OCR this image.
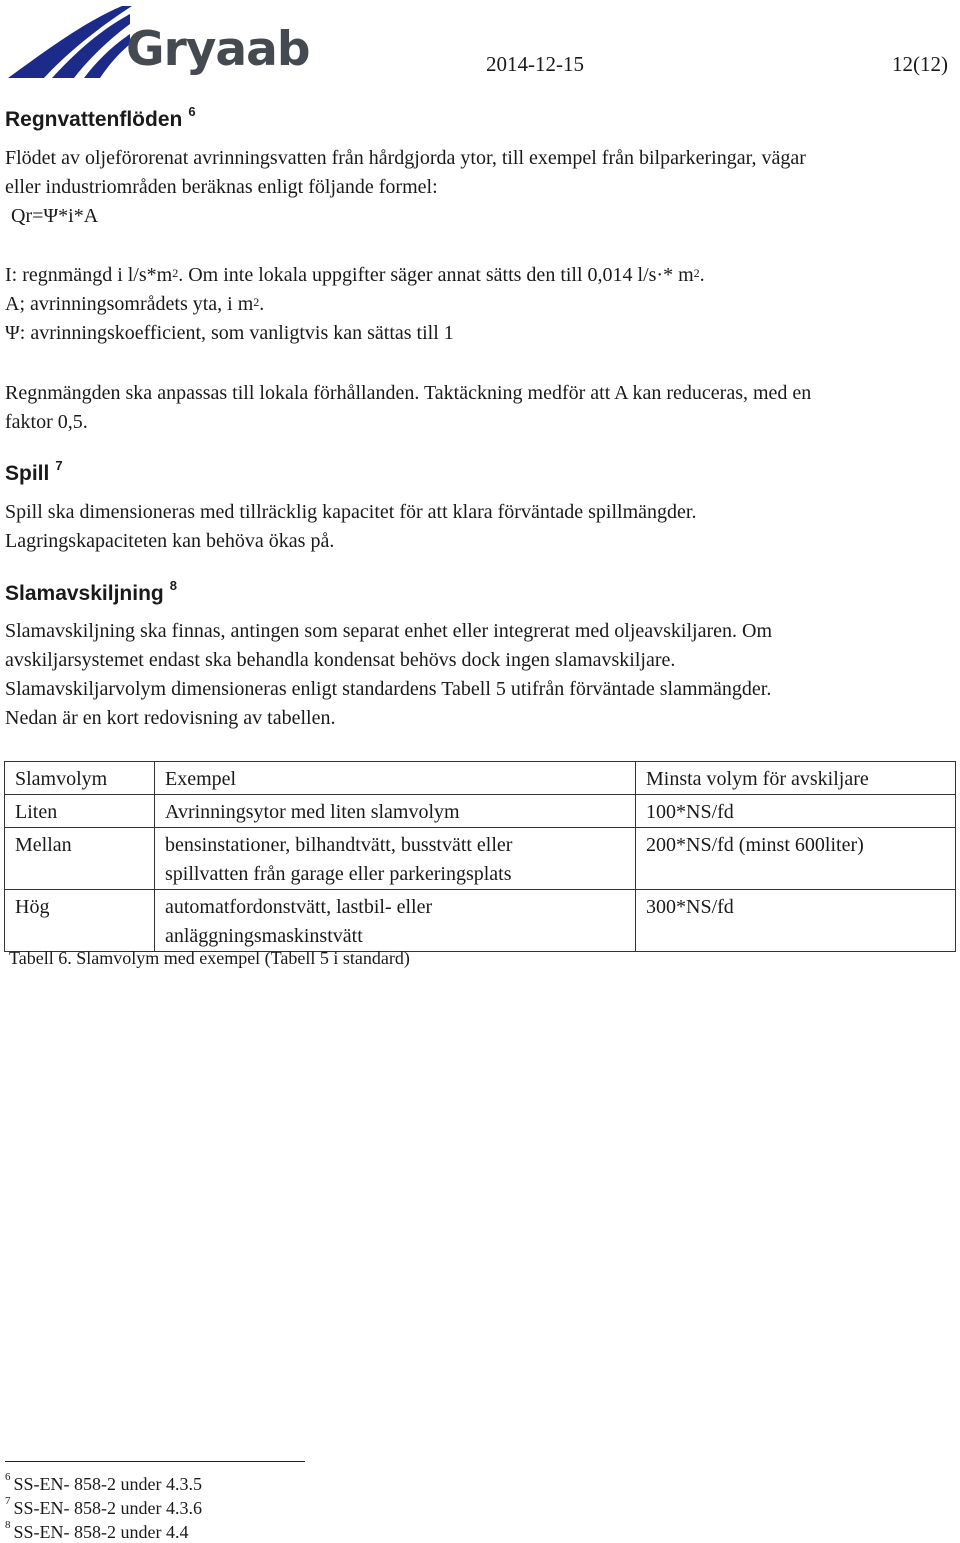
Gryaab	2014-12-15	12(12)
Regnvattenflöden $^6$
Flödet av oljeförorenat avrinningsvatten från hårdgjorda ytor, till exempel från bilparkeringar, vägar
eller industriområden beräknas enligt följande formel:
Qr=Ψ*i*A
I: regnmängd i $l/s*m^2$. Om inte lokala uppgifter säger annat sätts den till 0,014 l/s·* $m^2$.
A; avrinningsområdets yta, i $m^2$.
Ψ: avrinningskoefficient, som vanligtvis kan sättas till 1
Regnmängden ska anpassas till lokala förhållanden. Taktäckning medför att A kan reduceras, med en
faktor 0,5.
Spill $^7$
Spill ska dimensioneras med tillräcklig kapacitet för att klara förväntade spillmängder.
Lagringskapaciteten kan behöva ökas på.
Slamavskiljning $^8$
Slamavskiljning ska finnas, antingen som separat enhet eller integrerat med oljeavskiljaren. Om
avskiljarsystemet endast ska behandla kondensat behövs dock ingen slamavskiljare.
Slamavskiljarvolym dimensioneras enligt standardens Tabell 5 utifrån förväntade slammängder.
Nedan är en kort redovisning av tabellen.
Slamvolym	Exempel	Minsta volym för avskiljare
Liten	Avrinningsytor med liten slamvolym	100*NS/fd
Mellan	bensinstationer, bilhandtvätt, busstvätt eller spillvatten från garage eller parkeringsplats	200*NS/fd (minst 600liter)
Hög	automatfordonstvätt, lastbil- eller anläggningsmaskinstvätt	300*NS/fd
Tabell 6. Slamvolym med exempel (Tabell 5 i standard)
$^6$ SS-EN- 858-2 under 4.3.5
$^7$ SS-EN- 858-2 under 4.3.6
$^8$ SS-EN- 858-2 under 4.4
